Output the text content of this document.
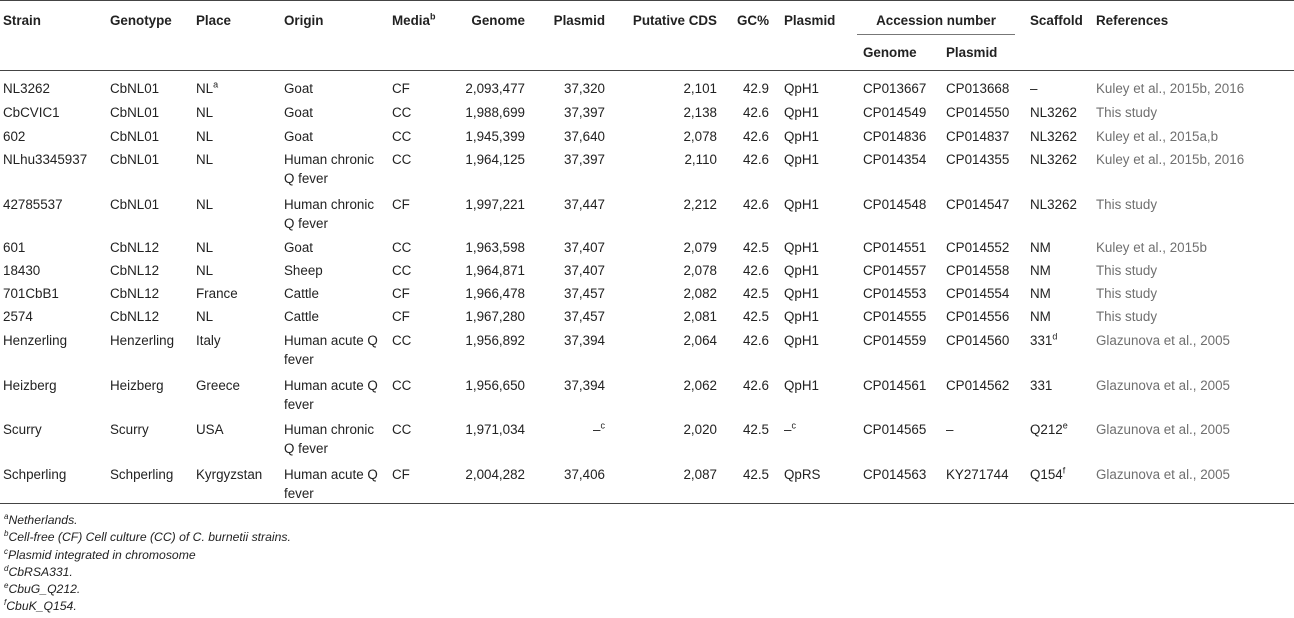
Strain	Genotype	Place	Origin	Media$^b$	Genome	Plasmid	Putative CDS	GC%	Plasmid	Accession number		Scaffold	References
										Genome	Plasmid		
NL3262	CbNL01	$NL^a$	Goat	CF	2,093,477	37,320	2,101	42.9	QpH1	CP013667	CP013668	–	Kuley et al., 2015b, 2016
CbCVIC1	CbNL01	NL	Goat	CC	1,988,699	37,397	2,138	42.6	QpH1	CP014549	CP014550	NL3262	This study
602	CbNL01	NL	Goat	CC	1,945,399	37,640	2,078	42.6	QpH1	CP014836	CP014837	NL3262	Kuley et al., 2015a,b
NLhu3345937	CbNL01	NL	Human chronic Q fever	CC	1,964,125	37,397	2,110	42.6	QpH1	CP014354	CP014355	NL3262	Kuley et al., 2015b, 2016
42785537	CbNL01	NL	Human chronic Q fever	CF	1,997,221	37,447	2,212	42.6	QpH1	CP014548	CP014547	NL3262	This study
601	CbNL12	NL	Goat	CC	1,963,598	37,407	2,079	42.5	QpH1	CP014551	CP014552	NM	Kuley et al., 2015b
18430	CbNL12	NL	Sheep	CC	1,964,871	37,407	2,078	42.6	QpH1	CP014557	CP014558	NM	This study
701CbB1	CbNL12	France	Cattle	CF	1,966,478	37,457	2,082	42.5	QpH1	CP014553	CP014554	NM	This study
2574	CbNL12	NL	Cattle	CF	1,967,280	37,457	2,081	42.5	QpH1	CP014555	CP014556	NM	This study
Henzerling	Henzerling	Italy	Human acute Q fever	CC	1,956,892	37,394	2,064	42.6	QpH1	CP014559	CP014560	331$^d$	Glazunova et al., 2005
Heizberg	Heizberg	Greece	Human acute Q fever	CC	1,956,650	37,394	2,062	42.6	QpH1	CP014561	CP014562	331	Glazunova et al., 2005
Scurry	Scurry	USA	Human chronic Q fever	CC	1,971,034	–$^c$	2,020	42.5	–$^c$	CP014565	–	Q212e	Glazunova et al., 2005
Schperling	Schperling	Kyrgyzstan	Human acute Q fever	CF	2,004,282	37,406	2,087	42.5	QpRS	CP014563	KY271744	Q154$^f$	Glazunova et al., 2005
$^a$Netherlands.
$^b$Cell-free (CF) Cell culture (CC) of C. burnetii strains.
$^c$Plasmid integrated in chromosome
$^d$CbRSA331.
$^e$CbuG_Q212.
$^f$CbuK_Q154.
